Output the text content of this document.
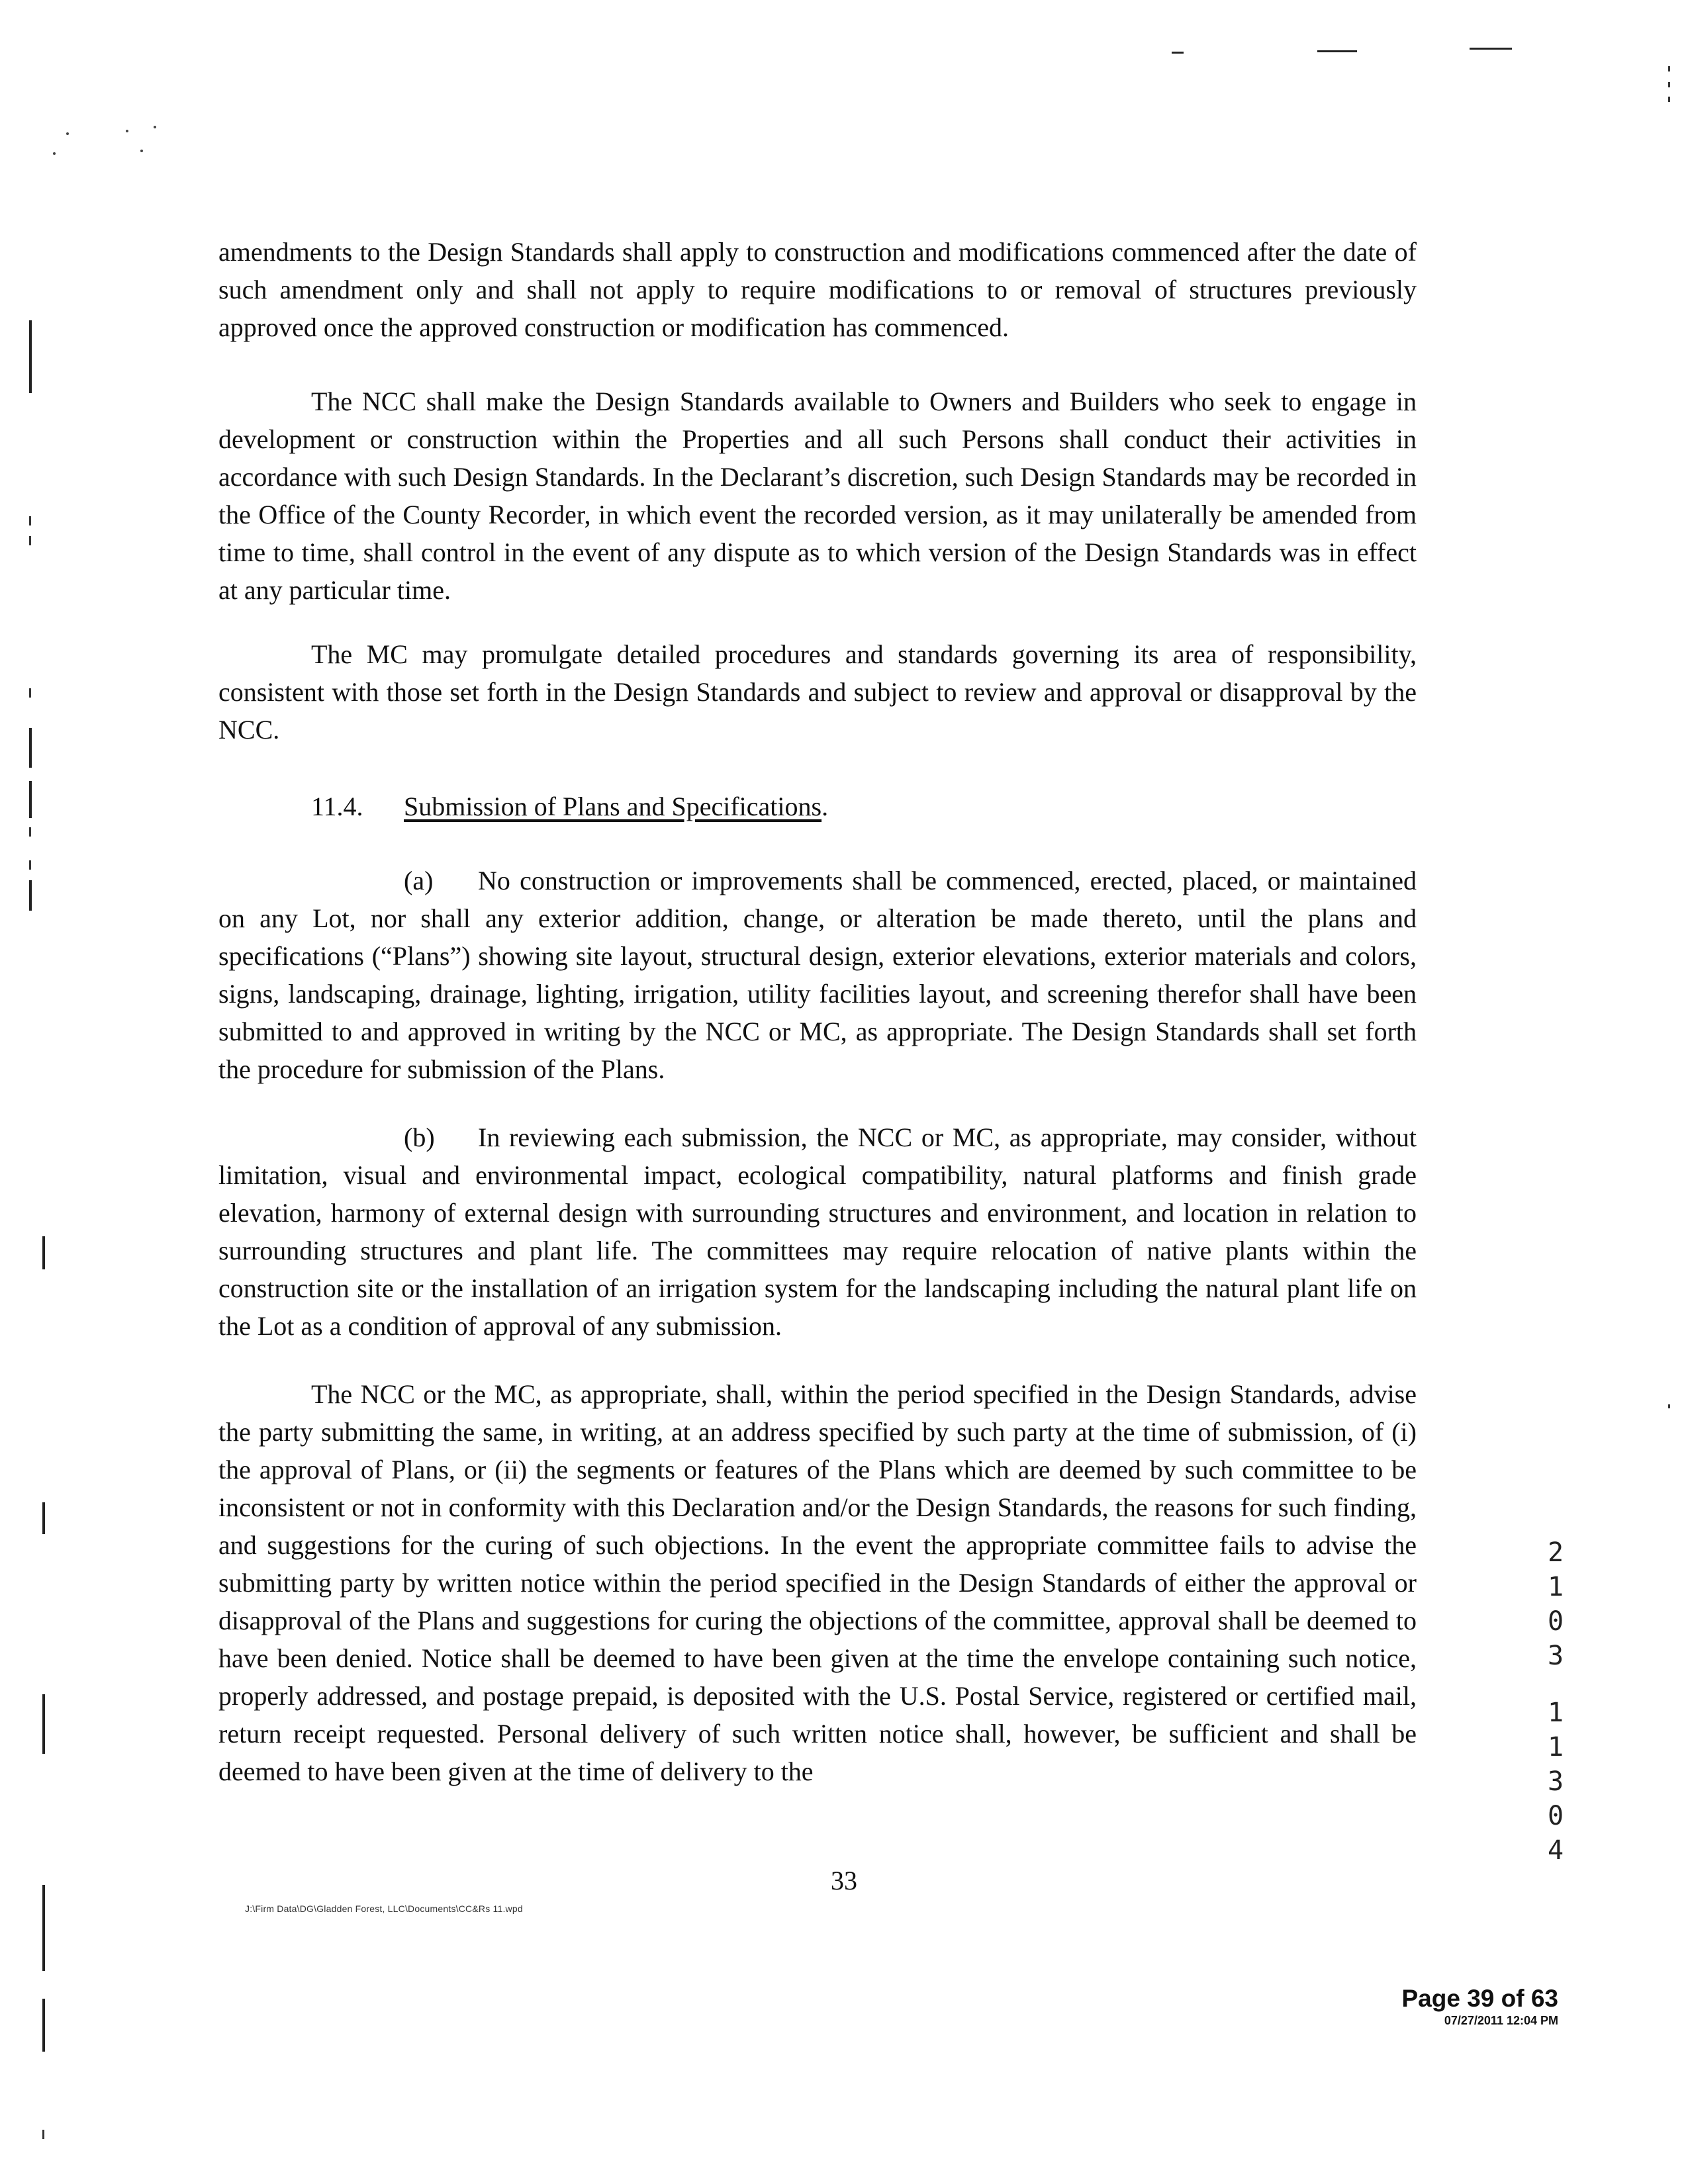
amendments to the Design Standards shall apply to construction and modifications commenced after the date of such amendment only and shall not apply to require modifications to or removal of structures previously approved once the approved construction or modification has commenced.

The NCC shall make the Design Standards available to Owners and Builders who seek to engage in development or construction within the Properties and all such Persons shall conduct their activities in accordance with such Design Standards. In the Declarant’s discretion, such Design Standards may be recorded in the Office of the County Recorder, in which event the recorded version, as it may unilaterally be amended from time to time, shall control in the event of any dispute as to which version of the Design Standards was in effect at any particular time.

The MC may promulgate detailed procedures and standards governing its area of responsibility, consistent with those set forth in the Design Standards and subject to review and approval or disapproval by the NCC.

11.4. Submission of Plans and Specifications.

(a) No construction or improvements shall be commenced, erected, placed, or maintained on any Lot, nor shall any exterior addition, change, or alteration be made thereto, until the plans and specifications (“Plans”) showing site layout, structural design, exterior elevations, exterior materials and colors, signs, landscaping, drainage, lighting, irrigation, utility facilities layout, and screening therefor shall have been submitted to and approved in writing by the NCC or MC, as appropriate. The Design Standards shall set forth the procedure for submission of the Plans.

(b) In reviewing each submission, the NCC or MC, as appropriate, may consider, without limitation, visual and environmental impact, ecological compatibility, natural platforms and finish grade elevation, harmony of external design with surrounding structures and environment, and location in relation to surrounding structures and plant life. The committees may require relocation of native plants within the construction site or the installation of an irrigation system for the landscaping including the natural plant life on the Lot as a condition of approval of any submission.

The NCC or the MC, as appropriate, shall, within the period specified in the Design Standards, advise the party submitting the same, in writing, at an address specified by such party at the time of submission, of (i) the approval of Plans, or (ii) the segments or features of the Plans which are deemed by such committee to be inconsistent or not in conformity with this Declaration and/or the Design Standards, the reasons for such finding, and suggestions for the curing of such objections. In the event the appropriate committee fails to advise the submitting party by written notice within the period specified in the Design Standards of either the approval or disapproval of the Plans and suggestions for curing the objections of the committee, approval shall be deemed to have been denied. Notice shall be deemed to have been given at the time the envelope containing such notice, properly addressed, and postage prepaid, is deposited with the U.S. Postal Service, registered or certified mail, return receipt requested. Personal delivery of such written notice shall, however, be sufficient and shall be deemed to have been given at the time of delivery to the

33
J:\Firm Data\DG\Gladden Forest, LLC\Documents\CC&Rs 11.wpd
2
1
0
3
1
1
3
0
4
Page 39 of 63
07/27/2011 12:04 PM
